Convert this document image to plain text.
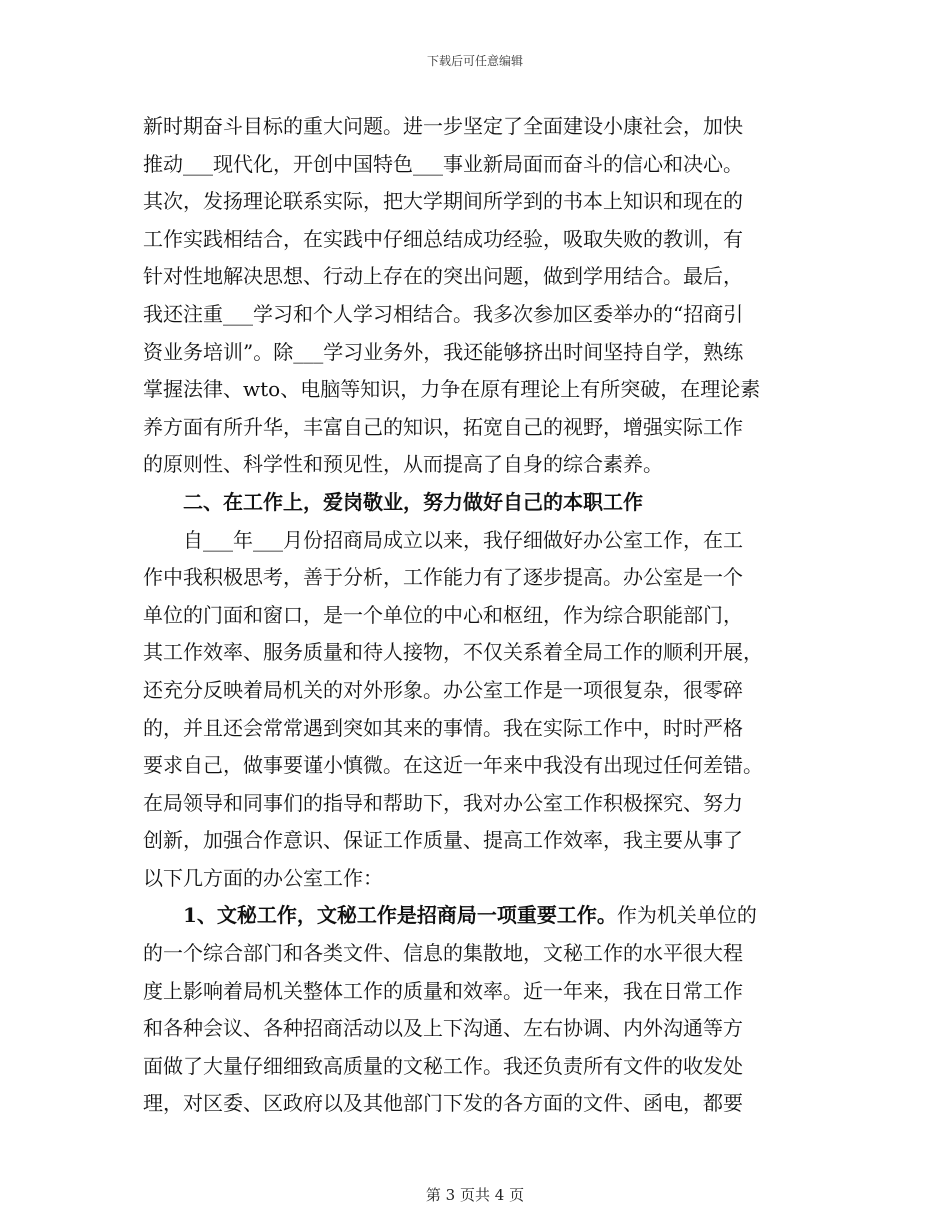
下载后可任意编辑
新时期奋斗目标的重大问题。进一步坚定了全面建设小康社会，加快
推动___现代化，开创中国特色___事业新局面而奋斗的信心和决心。
其次，发扬理论联系实际，把大学期间所学到的书本上知识和现在的
工作实践相结合，在实践中仔细总结成功经验，吸取失败的教训，有
针对性地解决思想、行动上存在的突出问题，做到学用结合。最后，
我还注重___学习和个人学习相结合。我多次参加区委举办的“招商引
资业务培训”。除___学习业务外，我还能够挤出时间坚持自学，熟练
掌握法律、wto、电脑等知识，力争在原有理论上有所突破，在理论素
养方面有所升华，丰富自己的知识，拓宽自己的视野，增强实际工作
的原则性、科学性和预见性，从而提高了自身的综合素养。
二、在工作上，爱岗敬业，努力做好自己的本职工作
自___年___月份招商局成立以来，我仔细做好办公室工作，在工
作中我积极思考，善于分析，工作能力有了逐步提高。办公室是一个
单位的门面和窗口，是一个单位的中心和枢纽，作为综合职能部门，
其工作效率、服务质量和待人接物，不仅关系着全局工作的顺利开展，
还充分反映着局机关的对外形象。办公室工作是一项很复杂，很零碎
的，并且还会常常遇到突如其来的事情。我在实际工作中，时时严格
要求自己，做事要谨小慎微。在这近一年来中我没有出现过任何差错。
在局领导和同事们的指导和帮助下，我对办公室工作积极探究、努力
创新，加强合作意识、保证工作质量、提高工作效率，我主要从事了
以下几方面的办公室工作：
1、文秘工作，文秘工作是招商局一项重要工作。作为机关单位的
的一个综合部门和各类文件、信息的集散地，文秘工作的水平很大程
度上影响着局机关整体工作的质量和效率。近一年来，我在日常工作
和各种会议、各种招商活动以及上下沟通、左右协调、内外沟通等方
面做了大量仔细细致高质量的文秘工作。我还负责所有文件的收发处
理，对区委、区政府以及其他部门下发的各方面的文件、函电，都要
第 3 页共 4 页
